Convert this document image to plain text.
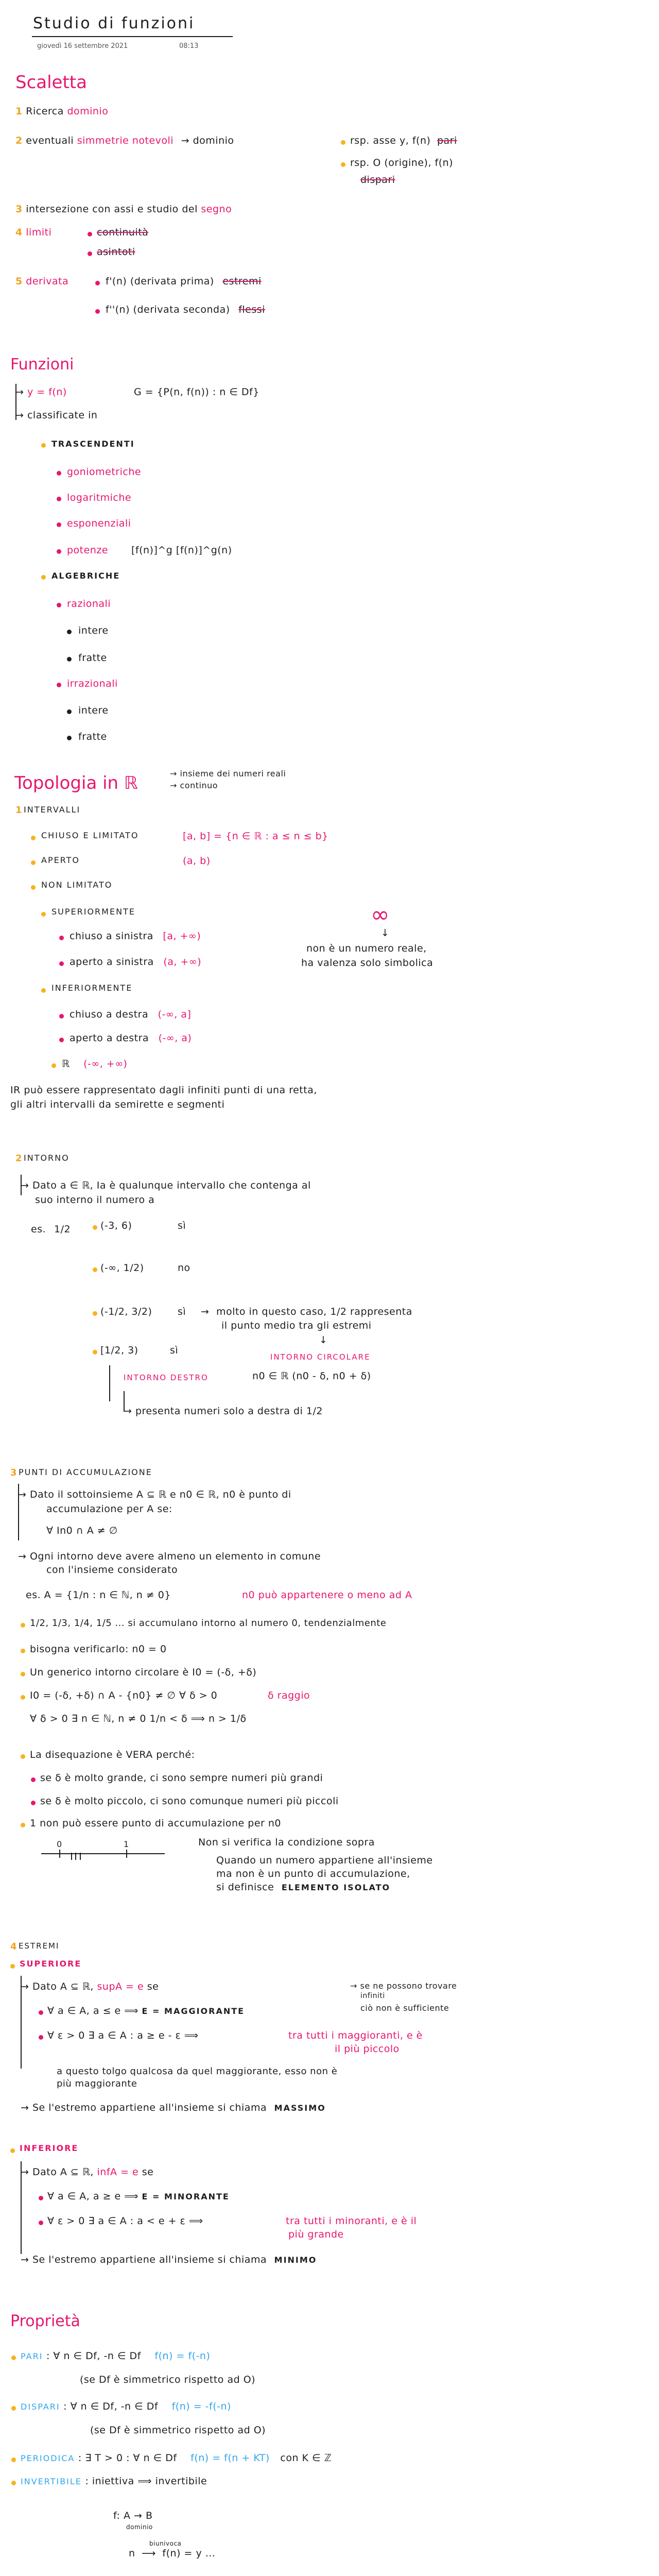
Studio di funzioni
giovedì 16 settembre 2021	08:13
Scaletta
1 Ricerca dominio
2 eventuali simmetrie notevoli → dominio	rsp. asse y, f(n) pari
rsp. O (origine), f(n)
dispari
3 intersezione con assi e studio del segno
4 limiti	continuità
asintoti
5 derivata	f'(n) (derivata prima) estremi
f''(n) (derivata seconda) flessi
Funzioni
→ y = f(n)	G = {P(n, f(n)) : n ∈ Df}
→ classificate in
TRASCENDENTI
goniometriche
logaritmiche
esponenziali
potenze [f(n)]^g [f(n)]^g(n)
ALGEBRICHE
razionali
intere
fratte
irrazionali
intere
fratte
Topologia in ℝ	→ insieme dei numeri reali
→ continuo
1 INTERVALLI
CHIUSO E LIMITATO	[a, b] = {n ∈ ℝ : a ≤ n ≤ b}
APERTO	(a, b)
NON LIMITATO
SUPERIORMENTE
chiuso a sinistra [a, +∞)
aperto a sinistra (a, +∞)
∞
↓
non è un numero reale,
ha valenza solo simbolica
INFERIORMENTE
chiuso a destra (-∞, a]
aperto a destra (-∞, a)
ℝ (-∞, +∞)
IR può essere rappresentato dagli infiniti punti di una retta,
gli altri intervalli da semirette e segmenti
2 INTORNO
→ Dato a ∈ ℝ, Ia è qualunque intervallo che contenga al
suo interno il numero a
es. 1/2	(-3, 6)	sì
(-∞, 1/2)	no
(-1/2, 3/2)	sì → molto in questo caso, 1/2 rappresenta
il punto medio tra gli estremi
↓
INTORNO CIRCOLARE
n0 ∈ ℝ (n0 - δ, n0 + δ)
[1/2, 3)	sì
INTORNO DESTRO
→ presenta numeri solo a destra di 1/2
3 PUNTI DI ACCUMULAZIONE
→ Dato il sottoinsieme A ⊆ ℝ e n0 ∈ ℝ, n0 è punto di
accumulazione per A se:
∀ In0 ∩ A ≠ ∅
→ Ogni intorno deve avere almeno un elemento in comune
con l'insieme considerato
es. A = {1/n : n ∈ ℕ, n ≠ 0}	n0 può appartenere o meno ad A
1/2, 1/3, 1/4, 1/5 ... si accumulano intorno al numero 0, tendenzialmente
bisogna verificarlo: n0 = 0
Un generico intorno circolare è I0 = (-δ, +δ)
I0 = (-δ, +δ) ∩ A - {n0} ≠ ∅ ∀ δ > 0	δ raggio
∀ δ > 0 ∃ n ∈ ℕ, n ≠ 0 1/n < δ ⟹ n > 1/δ
La disequazione è VERA perché:
se δ è molto grande, ci sono sempre numeri più grandi
se δ è molto piccolo, ci sono comunque numeri più piccoli
1 non può essere punto di accumulazione per n0
0	1	Non si verifica la condizione sopra
Quando un numero appartiene all'insieme
ma non è un punto di accumulazione,
si definisce ELEMENTO ISOLATO
4 ESTREMI
SUPERIORE
→ Dato A ⊆ ℝ, supA = e se
∀ a ∈ A, a ≤ e ⟹ E = MAGGIORANTE
→ se ne possono trovare
infiniti
ciò non è sufficiente
∀ ε > 0 ∃ a ∈ A : a ≥ e - ε ⟹	tra tutti i maggioranti, e è
il più piccolo
a questo tolgo qualcosa da quel maggiorante, esso non è
più maggiorante
→ Se l'estremo appartiene all'insieme si chiama MASSIMO
INFERIORE
→ Dato A ⊆ ℝ, infA = e se
∀ a ∈ A, a ≥ e ⟹ E = MINORANTE
∀ ε > 0 ∃ a ∈ A : a < e + ε ⟹	tra tutti i minoranti, e è il
più grande
→ Se l'estremo appartiene all'insieme si chiama MINIMO
Proprietà
PARI : ∀ n ∈ Df, -n ∈ Df f(n) = f(-n)
(se Df è simmetrico rispetto ad O)
DISPARI : ∀ n ∈ Df, -n ∈ Df f(n) = -f(-n)
(se Df è simmetrico rispetto ad O)
PERIODICA : ∃ T > 0 : ∀ n ∈ Df f(n) = f(n + KT) con K ∈ ℤ
INVERTIBILE : iniettiva ⟹ invertibile
f: A → B
dominio
n ⟶ f(n) = y ...
biunivoca
